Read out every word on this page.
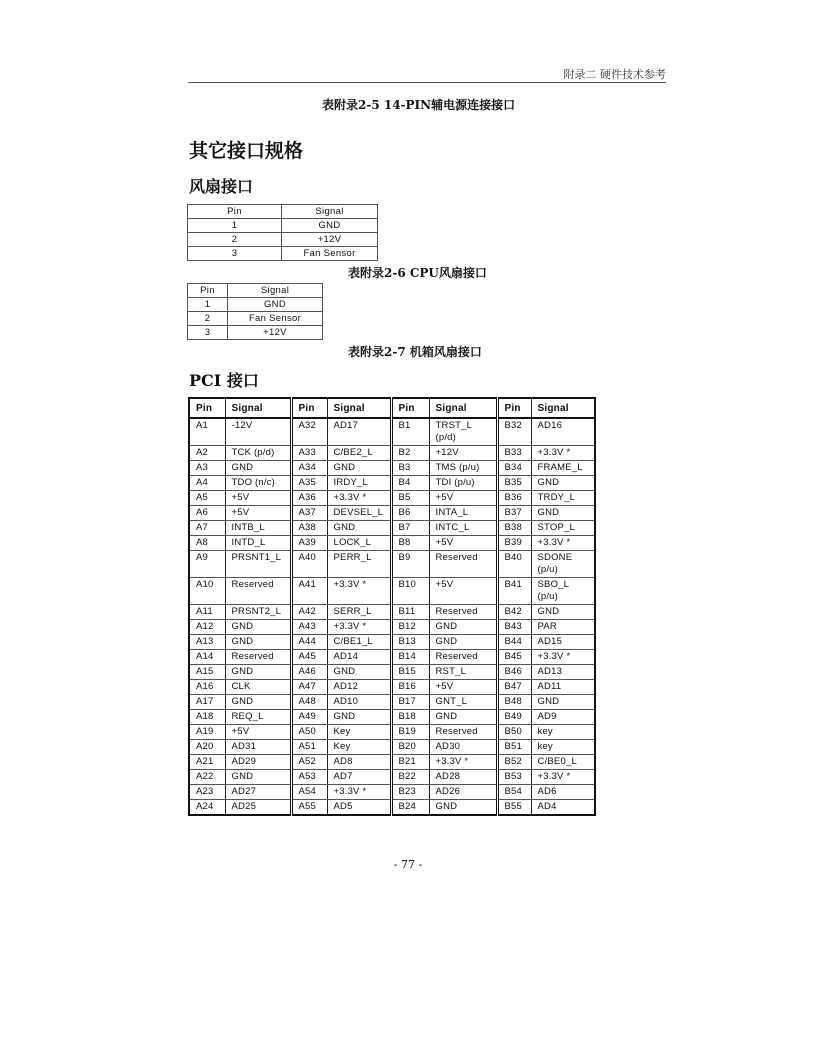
附录二 硬件技术参考
表附录2-5 14-PIN辅电源连接接口
其它接口规格
风扇接口
Pin	Signal
1	GND
2	+12V
3	Fan Sensor
表附录2-6 CPU风扇接口
Pin	Signal
1	GND
2	Fan Sensor
3	+12V
表附录2-7 机箱风扇接口
PCI 接口
Pin	Signal	Pin	Signal	Pin	Signal	Pin	Signal
A1	-12V	A32	AD17	B1	TRST_L (p/d)	B32	AD16
A2	TCK (p/d)	A33	C/BE2_L	B2	+12V	B33	+3.3V *
A3	GND	A34	GND	B3	TMS (p/u)	B34	FRAME_L
A4	TDO (n/c)	A35	IRDY_L	B4	TDI (p/u)	B35	GND
A5	+5V	A36	+3.3V *	B5	+5V	B36	TRDY_L
A6	+5V	A37	DEVSEL_L	B6	INTA_L	B37	GND
A7	INTB_L	A38	GND	B7	INTC_L	B38	STOP_L
A8	INTD_L	A39	LOCK_L	B8	+5V	B39	+3.3V *
A9	PRSNT1_L	A40	PERR_L	B9	Reserved	B40	SDONE (p/u)
A10	Reserved	A41	+3.3V *	B10	+5V	B41	SBO_L (p/u)
A11	PRSNT2_L	A42	SERR_L	B11	Reserved	B42	GND
A12	GND	A43	+3.3V *	B12	GND	B43	PAR
A13	GND	A44	C/BE1_L	B13	GND	B44	AD15
A14	Reserved	A45	AD14	B14	Reserved	B45	+3.3V *
A15	GND	A46	GND	B15	RST_L	B46	AD13
A16	CLK	A47	AD12	B16	+5V	B47	AD11
A17	GND	A48	AD10	B17	GNT_L	B48	GND
A18	REQ_L	A49	GND	B18	GND	B49	AD9
A19	+5V	A50	Key	B19	Reserved	B50	key
A20	AD31	A51	Key	B20	AD30	B51	key
A21	AD29	A52	AD8	B21	+3.3V *	B52	C/BE0_L
A22	GND	A53	AD7	B22	AD28	B53	+3.3V *
A23	AD27	A54	+3.3V *	B23	AD26	B54	AD6
A24	AD25	A55	AD5	B24	GND	B55	AD4
- 77 -
